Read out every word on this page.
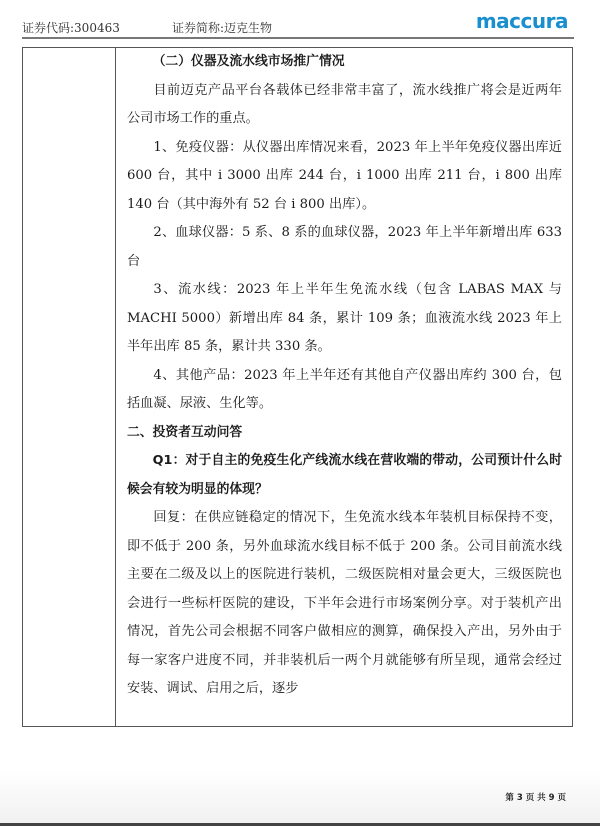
证券代码:300463	证券简称:迈克生物	maccura

（二）仪器及流水线市场推广情况

目前迈克产品平台各载体已经非常丰富了，流水线推广将会是近两年公司市场工作的重点。

1、免疫仪器：从仪器出库情况来看，2023 年上半年免疫仪器出库近 600 台，其中 i 3000 出库 244 台，i 1000 出库 211 台，i 800 出库 140 台（其中海外有 52 台 i 800 出库）。

2、血球仪器：5 系、8 系的血球仪器，2023 年上半年新增出库 633 台

3、流水线：2023 年上半年生免流水线（包含 LABAS MAX 与 MACHI 5000）新增出库 84 条，累计 109 条；血液流水线 2023 年上半年出库 85 条，累计共 330 条。

4、其他产品：2023 年上半年还有其他自产仪器出库约 300 台，包括血凝、尿液、生化等。

二、投资者互动问答

Q1：对于自主的免疫生化产线流水线在营收端的带动，公司预计什么时候会有较为明显的体现？

回复：在供应链稳定的情况下，生免流水线本年装机目标保持不变，即不低于 200 条，另外血球流水线目标不低于 200 条。公司目前流水线主要在二级及以上的医院进行装机，二级医院相对量会更大，三级医院也会进行一些标杆医院的建设，下半年会进行市场案例分享。对于装机产出情况，首先公司会根据不同客户做相应的测算，确保投入产出，另外由于每一家客户进度不同，并非装机后一两个月就能够有所呈现，通常会经过安装、调试、启用之后，逐步

第 3 页 共 9 页
